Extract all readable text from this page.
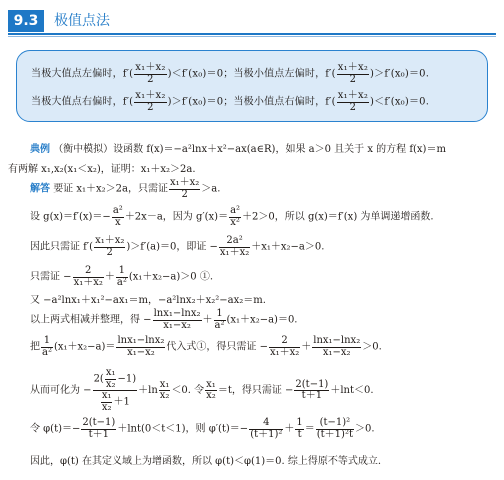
9.3	极值点法
当极大值点左偏时，$f'( \frac{\text{x₁＋x₂}}{2} )<f'(x_0)=0$；当极小值点左偏时，$f'( \frac{\text{x₁＋x₂}}{2} )>f'(x_0)=0$.
当极大值点右偏时，$f'( \frac{\text{x₁＋x₂}}{2} )>f'(x_0)=0$；当极小值点右偏时，$f'( \frac{\text{x₁＋x₂}}{2} )<f'(x_0)=0$.
典例 （衡中模拟）设函数 f(x)＝−a²lnx＋x²−ax(a∈R)，如果 a＞0 且关于 x 的方程 f(x)＝m
有两解 x₁,x₂(x₁＜x₂)，证明：x₁＋x₂＞2a.
解答 要证 x₁＋x₂＞2a，只需证 $\frac{\text{x₁＋x₂}}{2} >a$.
设 $g(x)=f'(x)=- \frac{\text{a²}}{x} +2x-a$，因为 $g'(x)= \frac{\text{a²}}{\text{x²}} +2>0$，所以 g(x)＝f′(x) 为单调递增函数.
因此只需证 $f'( \frac{\text{x₁＋x₂}}{2} )>f'(a)=0$，即证 − $\frac{\text{2a²}}{\text{x₁＋x₂}} +x_1+x_2-a>0$.
只需证 − $\frac{2}{\text{x₁＋x₂}} + \frac{1}{\text{a²}} (x_1+x_2-a)>0$ ①.
又 −a²lnx₁＋x₁²−ax₁＝m，−a²lnx₂＋x₂²−ax₂＝m.
以上两式相减并整理，得 − $\frac{\text{lnx₁−lnx₂}}{\text{x₁−x₂}} + \frac{1}{\text{a²}} (x_1+x_2-a)=0$.
把 $\frac{1}{\text{a²}} (x_1+x_2-a)= \frac{\text{lnx₁−lnx₂}}{\text{x₁−x₂}}$ 代入式①，得只需证 − $\frac{2}{\text{x₁＋x₂}} + \frac{\text{lnx₁−lnx₂}}{\text{x₁−x₂}} >0$.
从而可化为 − $\frac{2( \frac{\text{x₁}}{\text{x₂}} -1)}{\frac{\text{x₁}}{\text{x₂}} +1} +\ln \frac{\text{x₁}}{\text{x₂}} <0$. 令 $\frac{\text{x₁}}{\text{x₂}} =t$，得只需证 − $\frac{2(t-1)}{t+1} +\ln t<0$.
令 $\varphi(t)=- \frac{2(t-1)}{t+1} +\ln t(0<t<1)$，则 $\varphi'(t)=- \frac{4}{\text{(t＋1)²}} + \frac{1}{t} = \frac{\text{(t−1)²}}{\text{(t＋1)²t}} >0$.
因此，φ(t) 在其定义域上为增函数，所以 φ(t)＜φ(1)＝0. 综上得原不等式成立.
